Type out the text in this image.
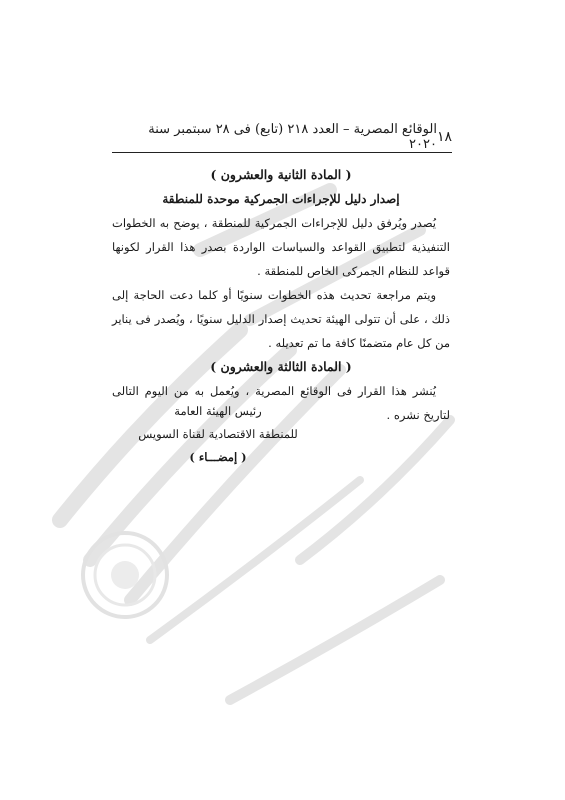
١٨
الوقائع المصرية – العدد ٢١٨ (تابع) فى ٢٨ سبتمبر سنة ٢٠٢٠
( المادة الثانية والعشرون )
إصدار دليل للإجراءات الجمركية موحدة للمنطقة
يُصدر ويُرفق دليل للإجراءات الجمركية للمنطقة ، يوضح به الخطوات التنفيذية لتطبيق القواعد والسياسات الواردة بصدر هذا القرار لكونها قواعد للنظام الجمركى الخاص للمنطقة .
ويتم مراجعة تحديث هذه الخطوات سنويًا أو كلما دعت الحاجة إلى ذلك ، على أن تتولى الهيئة تحديث إصدار الدليل سنويًا ، ويُصدر فى يناير من كل عام متضمنًا كافة ما تم تعديله .
( المادة الثالثة والعشرون )
يُنشر هذا القرار فى الوقائع المصرية ، ويُعمل به من اليوم التالى لتاريخ نشره .
رئيس الهيئة العامة
للمنطقة الاقتصادية لقناة السويس
( إمضـــاء )
